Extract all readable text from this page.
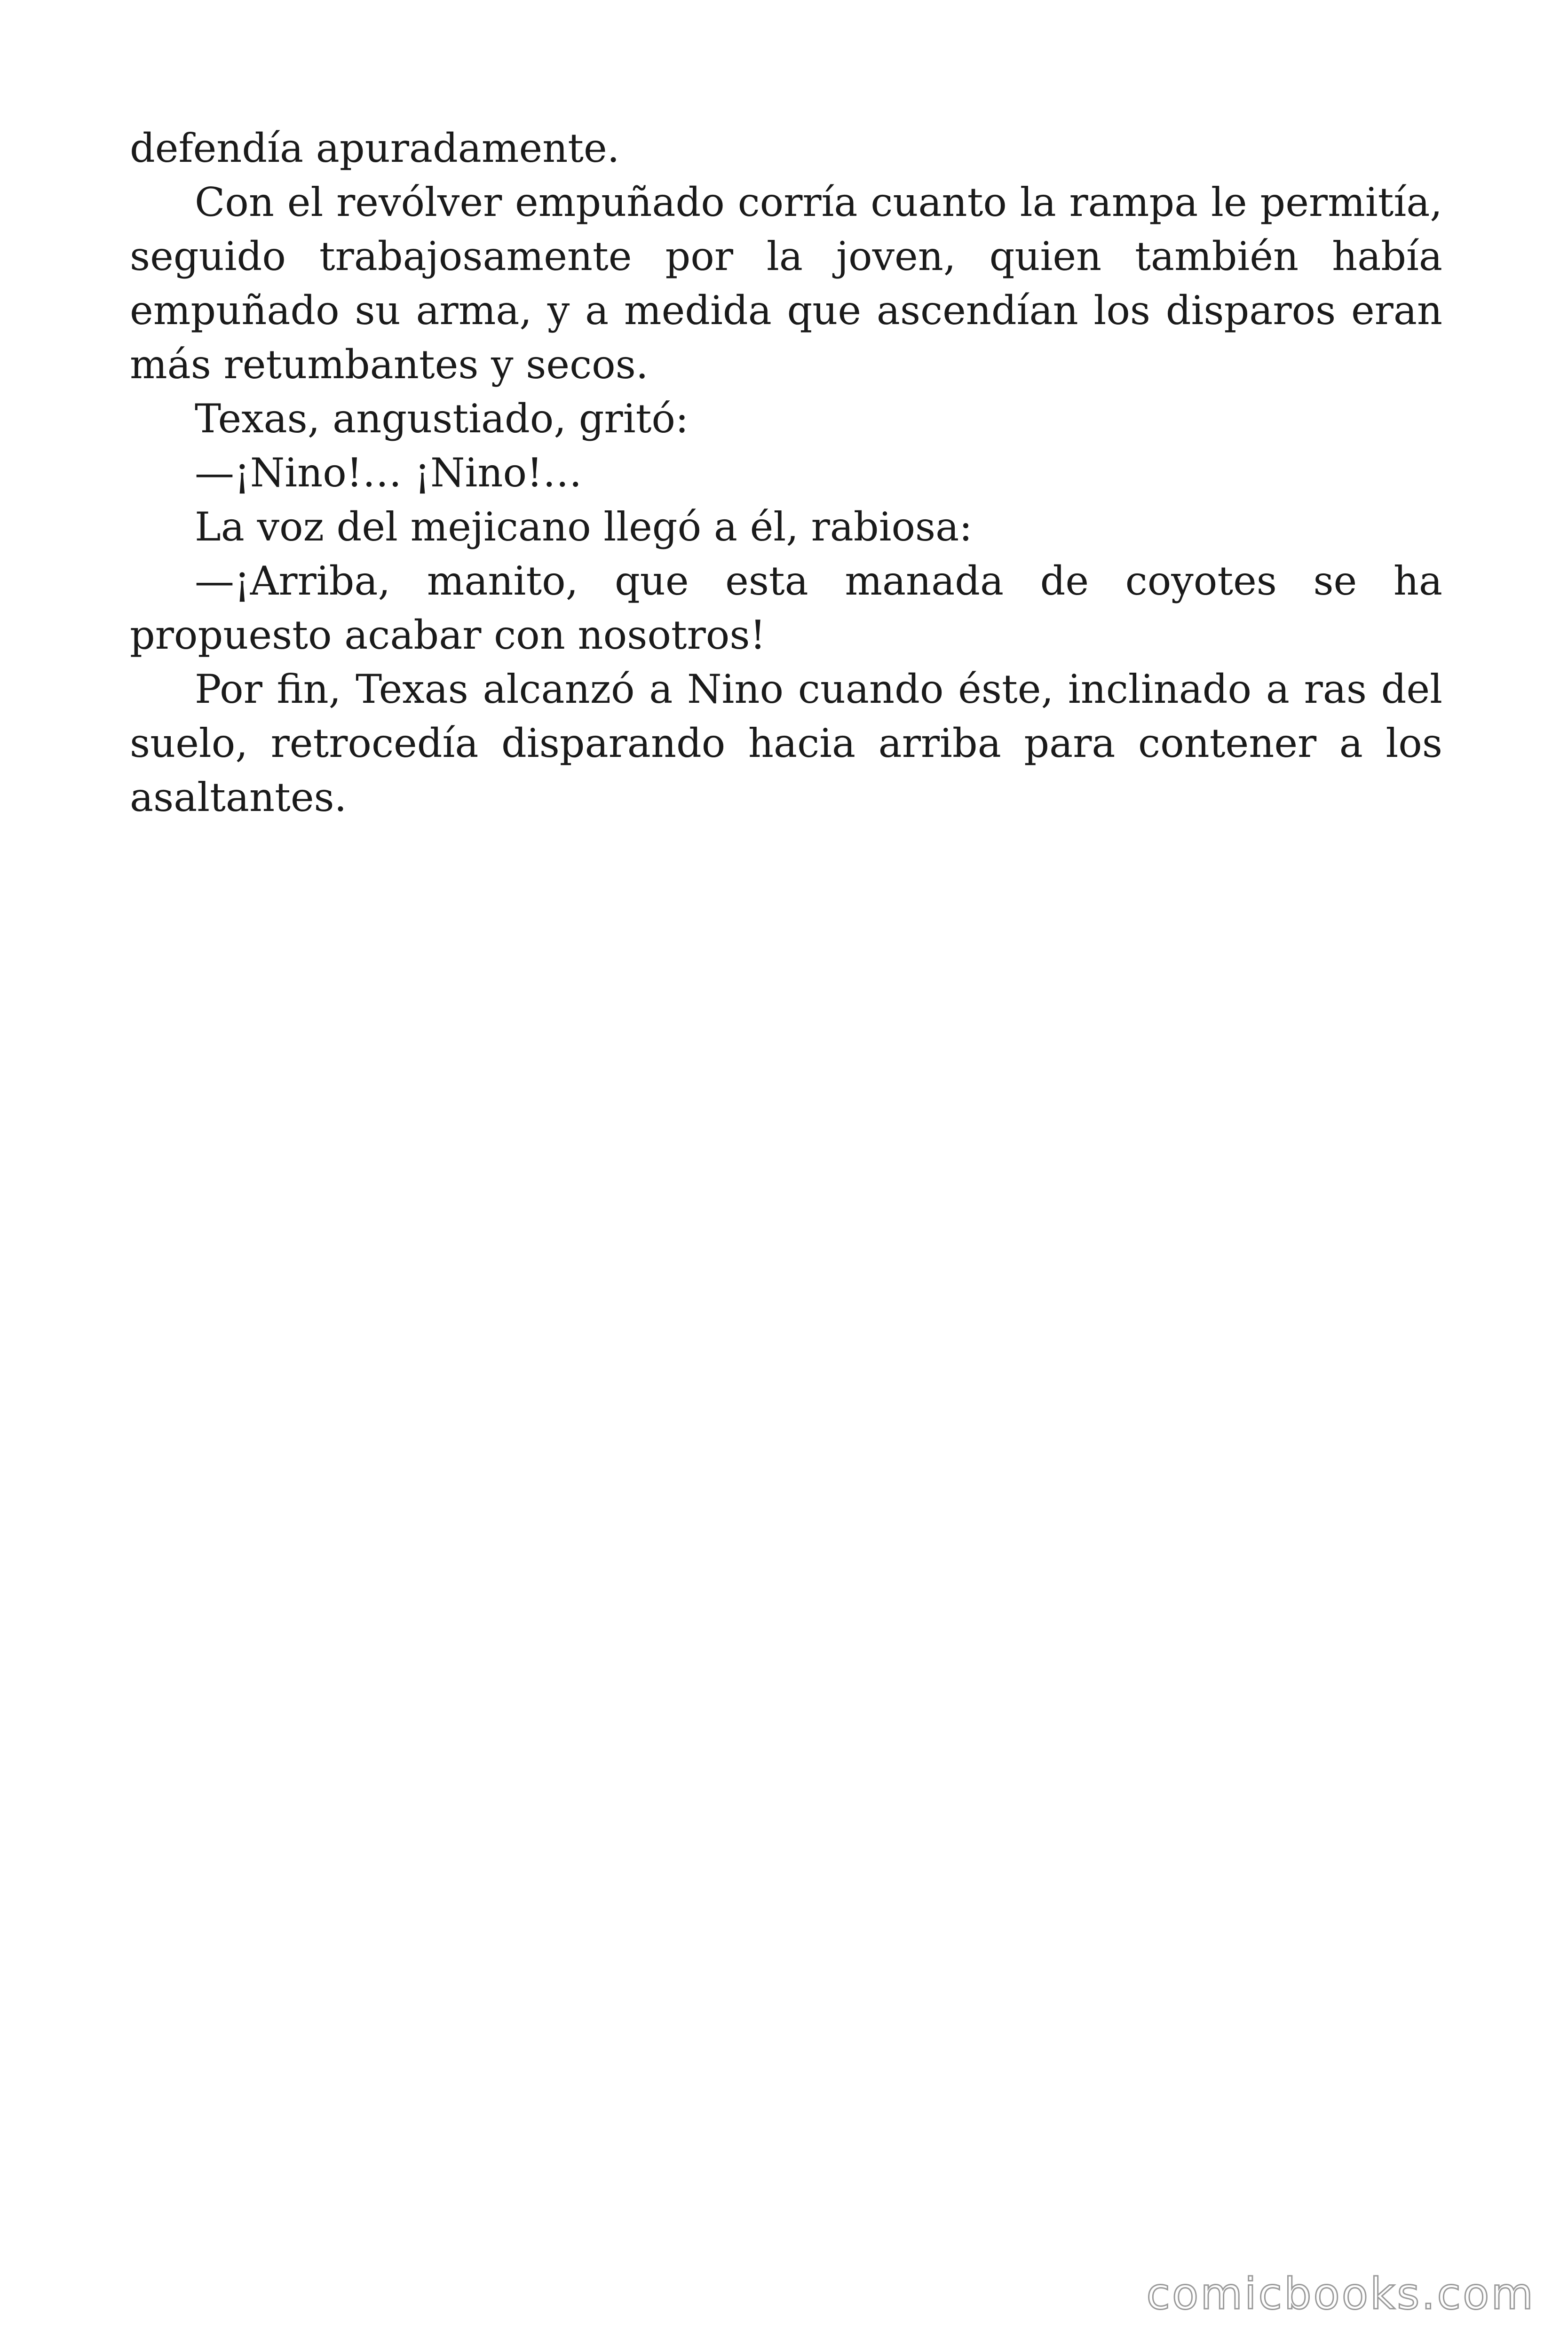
defendía apuradamente.

Con el revólver empuñado corría cuanto la rampa le permitía, seguido trabajosamente por la joven, quien también había empuñado su arma, y a medida que ascendían los disparos eran más retumbantes y secos.

Texas, angustiado, gritó:

—¡Nino!… ¡Nino!…

La voz del mejicano llegó a él, rabiosa:

—¡Arriba, manito, que esta manada de coyotes se ha propuesto acabar con nosotros!

Por fin, Texas alcanzó a Nino cuando éste, inclinado a ras del suelo, retrocedía disparando hacia arriba para contener a los asaltantes.

comicbooks.com
